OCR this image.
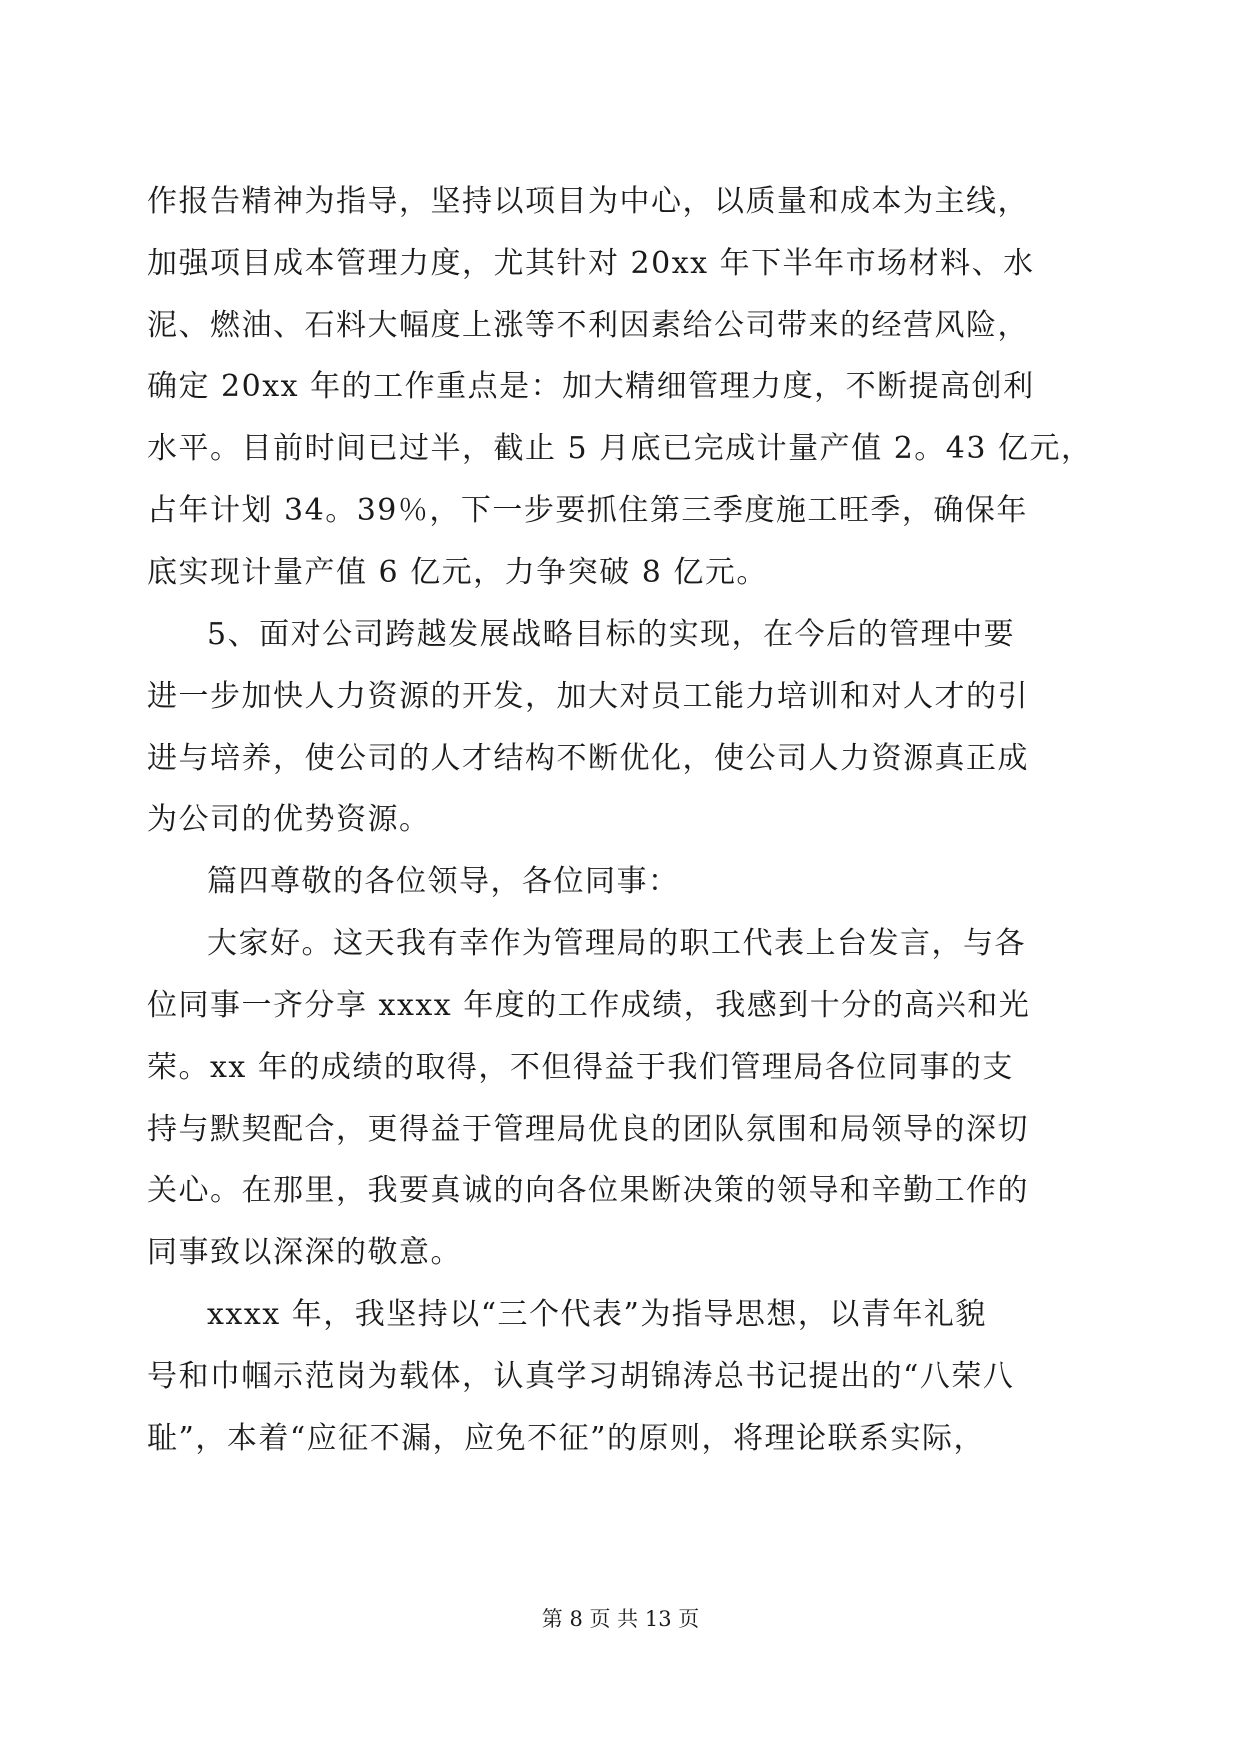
作报告精神为指导，坚持以项目为中心，以质量和成本为主线，
加强项目成本管理力度，尤其针对 20xx 年下半年市场材料、水
泥、燃油、石料大幅度上涨等不利因素给公司带来的经营风险，
确定 20xx 年的工作重点是：加大精细管理力度，不断提高创利
水平。目前时间已过半，截止 5 月底已完成计量产值 2。43 亿元，
占年计划 34。39％，下一步要抓住第三季度施工旺季，确保年
底实现计量产值 6 亿元，力争突破 8 亿元。
5、面对公司跨越发展战略目标的实现，在今后的管理中要
进一步加快人力资源的开发，加大对员工能力培训和对人才的引
进与培养，使公司的人才结构不断优化，使公司人力资源真正成
为公司的优势资源。
篇四尊敬的各位领导，各位同事：
大家好。这天我有幸作为管理局的职工代表上台发言，与各
位同事一齐分享 xxxx 年度的工作成绩，我感到十分的高兴和光
荣。xx 年的成绩的取得，不但得益于我们管理局各位同事的支
持与默契配合，更得益于管理局优良的团队氛围和局领导的深切
关心。在那里，我要真诚的向各位果断决策的领导和辛勤工作的
同事致以深深的敬意。
xxxx 年，我坚持以“三个代表”为指导思想，以青年礼貌
号和巾帼示范岗为载体，认真学习胡锦涛总书记提出的“八荣八
耻”，本着“应征不漏，应免不征”的原则，将理论联系实际，
第 8 页 共 13 页
